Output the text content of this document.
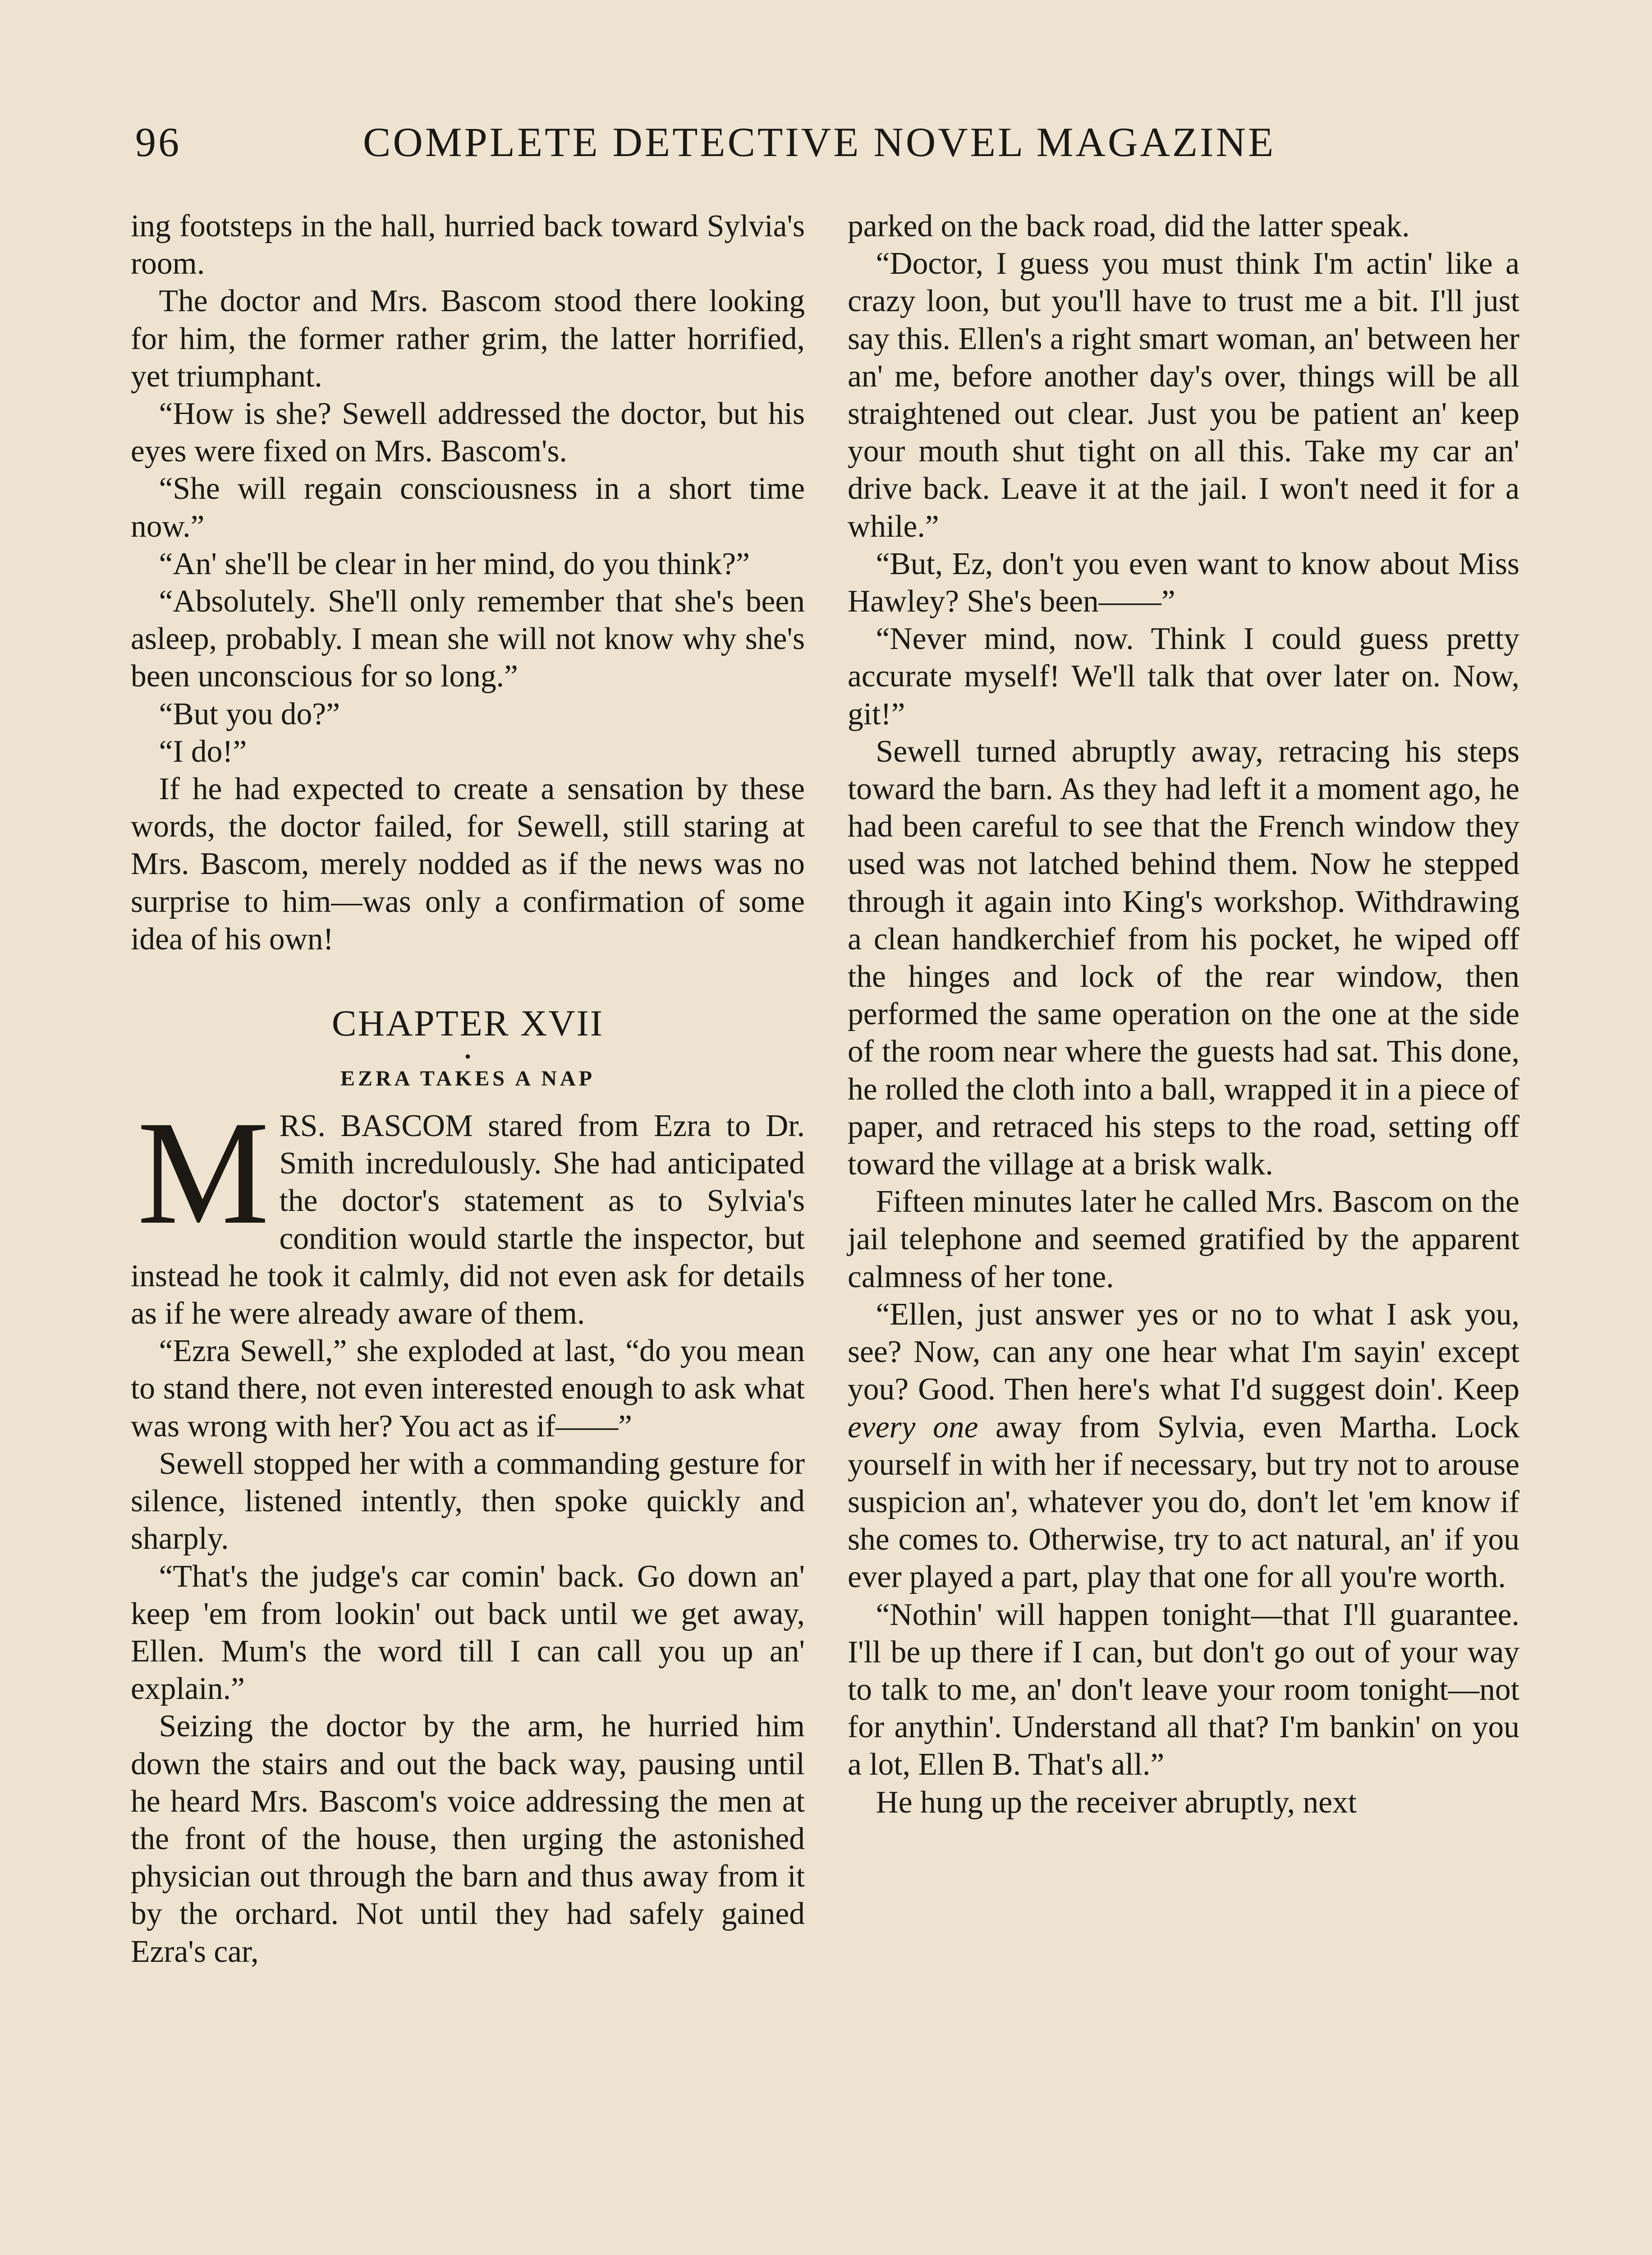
96	COMPLETE DETECTIVE NOVEL MAGAZINE

ing footsteps in the hall, hurried back toward Sylvia's room.

The doctor and Mrs. Bascom stood there looking for him, the former rather grim, the latter horrified, yet triumphant.

“How is she? Sewell addressed the doctor, but his eyes were fixed on Mrs. Bascom's.

“She will regain consciousness in a short time now.”

“An' she'll be clear in her mind, do you think?”

“Absolutely. She'll only remember that she's been asleep, probably. I mean she will not know why she's been unconscious for so long.”

“But you do?”

“I do!”

If he had expected to create a sensation by these words, the doctor failed, for Sewell, still staring at Mrs. Bascom, merely nodded as if the news was no surprise to him—was only a confirmation of some idea of his own!

CHAPTER XVII
•
EZRA TAKES A NAP

MRS. BASCOM stared from Ezra to Dr. Smith incredulously. She had anticipated the doctor's statement as to Sylvia's condition would startle the inspector, but instead he took it calmly, did not even ask for details as if he were already aware of them.

“Ezra Sewell,” she exploded at last, “do you mean to stand there, not even interested enough to ask what was wrong with her? You act as if——”

Sewell stopped her with a commanding gesture for silence, listened intently, then spoke quickly and sharply.

“That's the judge's car comin' back. Go down an' keep 'em from lookin' out back until we get away, Ellen. Mum's the word till I can call you up an' explain.”

Seizing the doctor by the arm, he hurried him down the stairs and out the back way, pausing until he heard Mrs. Bascom's voice addressing the men at the front of the house, then urging the astonished physician out through the barn and thus away from it by the orchard. Not until they had safely gained Ezra's car,

parked on the back road, did the latter speak.

“Doctor, I guess you must think I'm actin' like a crazy loon, but you'll have to trust me a bit. I'll just say this. Ellen's a right smart woman, an' between her an' me, before another day's over, things will be all straightened out clear. Just you be patient an' keep your mouth shut tight on all this. Take my car an' drive back. Leave it at the jail. I won't need it for a while.”

“But, Ez, don't you even want to know about Miss Hawley? She's been——”

“Never mind, now. Think I could guess pretty accurate myself! We'll talk that over later on. Now, git!”

Sewell turned abruptly away, retracing his steps toward the barn. As they had left it a moment ago, he had been careful to see that the French window they used was not latched behind them. Now he stepped through it again into King's workshop. Withdrawing a clean handkerchief from his pocket, he wiped off the hinges and lock of the rear window, then performed the same operation on the one at the side of the room near where the guests had sat. This done, he rolled the cloth into a ball, wrapped it in a piece of paper, and retraced his steps to the road, setting off toward the village at a brisk walk.

Fifteen minutes later he called Mrs. Bascom on the jail telephone and seemed gratified by the apparent calmness of her tone.

“Ellen, just answer yes or no to what I ask you, see? Now, can any one hear what I'm sayin' except you? Good. Then here's what I'd suggest doin'. Keep every one away from Sylvia, even Martha. Lock yourself in with her if necessary, but try not to arouse suspicion an', whatever you do, don't let 'em know if she comes to. Otherwise, try to act natural, an' if you ever played a part, play that one for all you're worth.

“Nothin' will happen tonight—that I'll guarantee. I'll be up there if I can, but don't go out of your way to talk to me, an' don't leave your room tonight—not for anythin'. Understand all that? I'm bankin' on you a lot, Ellen B. That's all.”

He hung up the receiver abruptly, next
